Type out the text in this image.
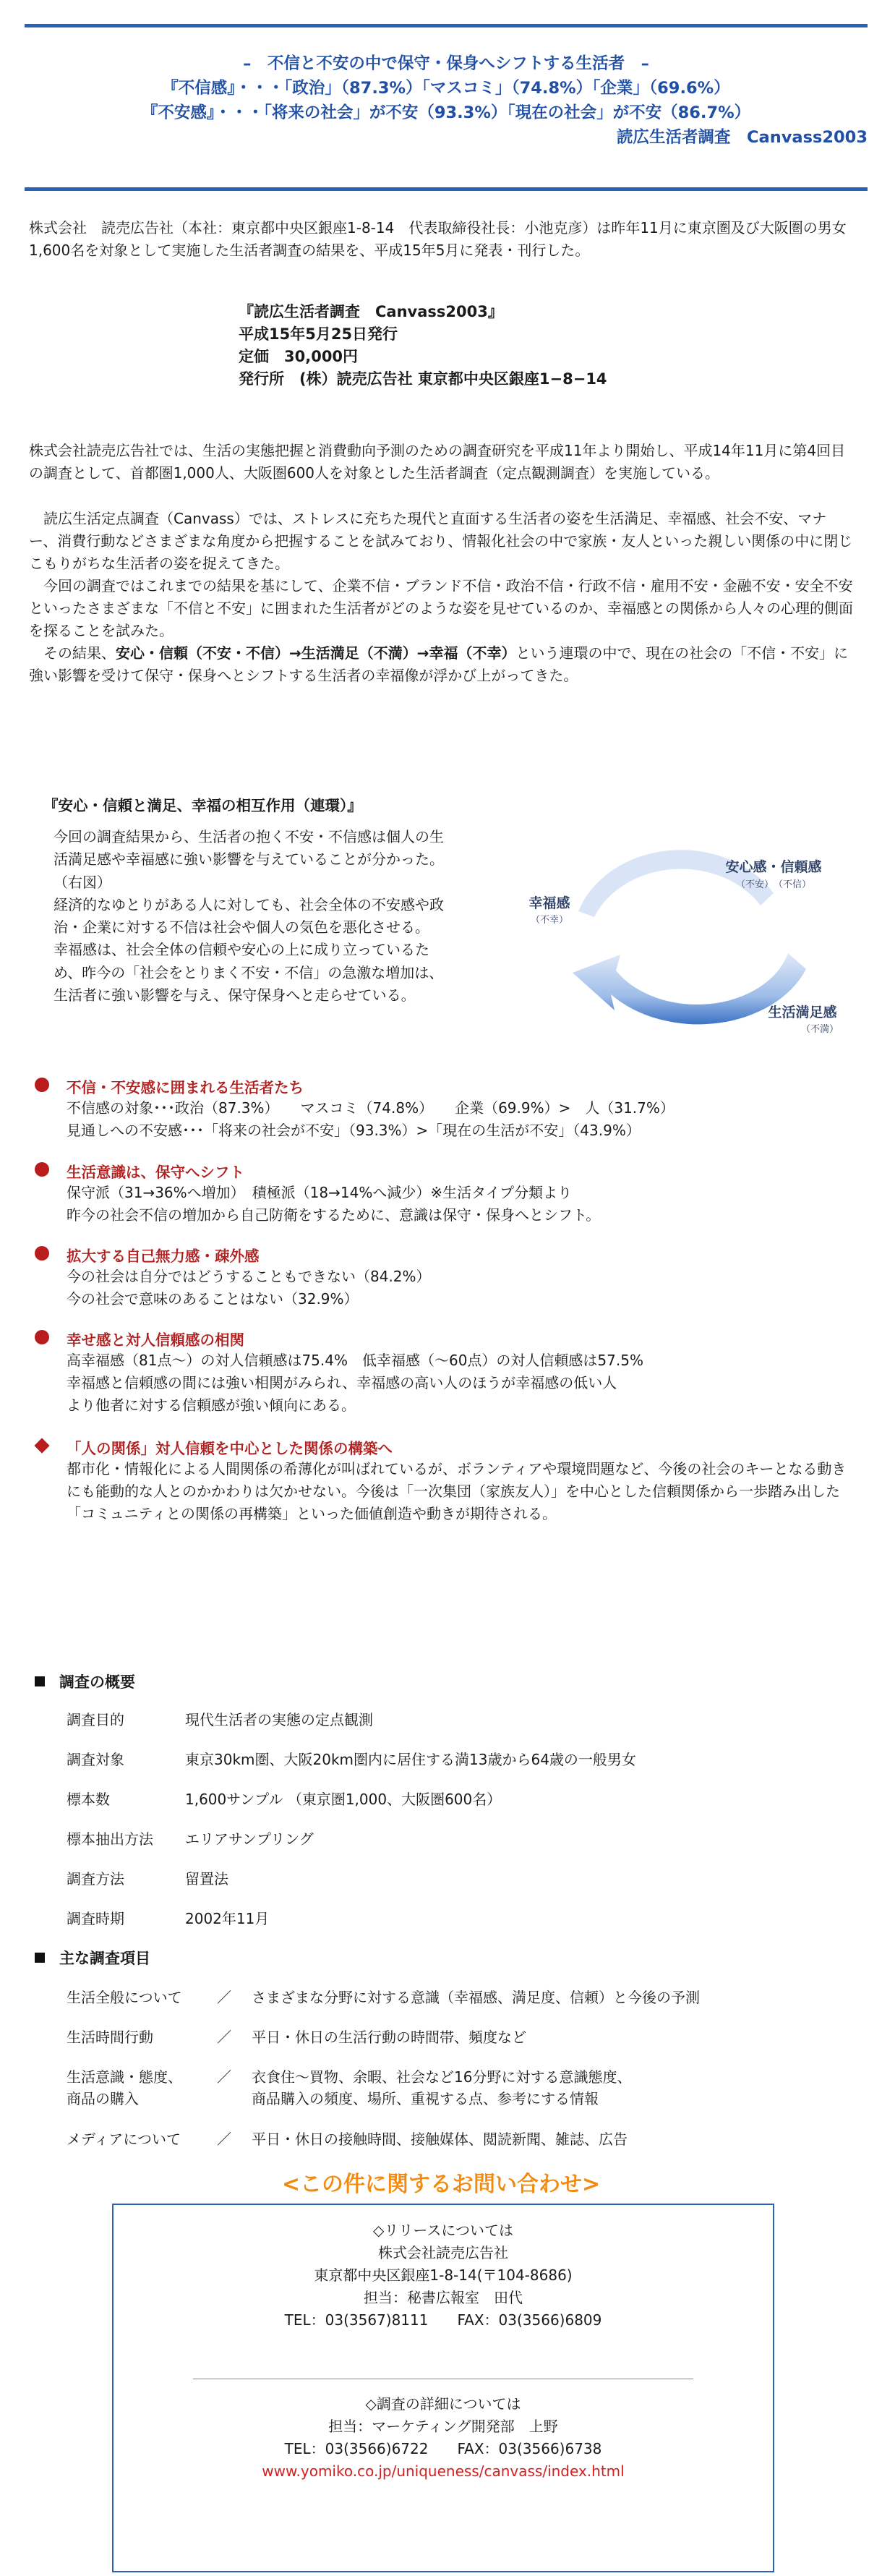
–　不信と不安の中で保守・保身へシフトする生活者　–
『不信感』・・・「政治」（87.3%）「マスコミ」（74.8%）「企業」（69.6%）
『不安感』・・・「将来の社会」が不安（93.3%）「現在の社会」が不安（86.7%）
読広生活者調査　Canvass2003

株式会社　読売広告社（本社：東京都中央区銀座1-8-14　代表取締役社長：小池克彦）は昨年11月に東京圏及び大阪圏の男女1,600名を対象として実施した生活者調査の結果を、平成15年5月に発表・刊行した。

『読広生活者調査　Canvass2003』
平成15年5月25日発行
定価　30,000円
発行所　(株）読売広告社 東京都中央区銀座1−8−14

株式会社読売広告社では、生活の実態把握と消費動向予測のための調査研究を平成11年より開始し、平成14年11月に第4回目の調査として、首都圏1,000人、大阪圏600人を対象とした生活者調査（定点観測調査）を実施している。

読広生活定点調査（Canvass）では、ストレスに充ちた現代と直面する生活者の姿を生活満足、幸福感、社会不安、マナー、消費行動などさまざまな角度から把握することを試みており、情報化社会の中で家族・友人といった親しい関係の中に閉じこもりがちな生活者の姿を捉えてきた。

今回の調査ではこれまでの結果を基にして、企業不信・ブランド不信・政治不信・行政不信・雇用不安・金融不安・安全不安といったさまざまな「不信と不安」に囲まれた生活者がどのような姿を見せているのか、幸福感との関係から人々の心理的側面を探ることを試みた。

その結果、安心・信頼（不安・不信）→生活満足（不満）→幸福（不幸）という連環の中で、現在の社会の「不信・不安」に強い影響を受けて保守・保身へとシフトする生活者の幸福像が浮かび上がってきた。

『安心・信頼と満足、幸福の相互作用（連環）』
今回の調査結果から、生活者の抱く不安・不信感は個人の生
活満足感や幸福感に強い影響を与えていることが分かった。
（右図）
経済的なゆとりがある人に対しても、社会全体の不安感や政
治・企業に対する不信は社会や個人の気色を悪化させる。
幸福感は、社会全体の信頼や安心の上に成り立っているた
め、昨今の「社会をとりまく不安・不信」の急激な増加は、
生活者に強い影響を与え、保守保身へと走らせている。
安心感・信頼感
（不安）　（不信）
幸福感
（不幸）
生活満足感
（不満）
不信・不安感に囲まれる生活者たち
不信感の対象･･･政治（87.3%）　　マスコミ（74.8%）　　企業（69.9%）>　人（31.7%）
見通しへの不安感･･･「将来の社会が不安」（93.3%）>「現在の生活が不安」（43.9%）
生活意識は、保守へシフト
保守派（31→36%へ増加）　積極派（18→14%へ減少）※生活タイプ分類より
昨今の社会不信の増加から自己防衛をするために、意識は保守・保身へとシフト。
拡大する自己無力感・疎外感
今の社会は自分ではどうすることもできない（84.2%）
今の社会で意味のあることはない（32.9%）
幸せ感と対人信頼感の相関
高幸福感（81点〜）の対人信頼感は75.4%　低幸福感（〜60点）の対人信頼感は57.5%
幸福感と信頼感の間には強い相関がみられ、幸福感の高い人のほうが幸福感の低い人
より他者に対する信頼感が強い傾向にある。
「人の関係」対人信頼を中心とした関係の構築へ
都市化・情報化による人間関係の希薄化が叫ばれているが、ボランティアや環境問題など、今後の社会のキーとなる動きにも能動的な人とのかかわりは欠かせない。今後は「一次集団（家族友人）」を中心とした信頼関係から一歩踏み出した「コミュニティとの関係の再構築」といった価値創造や動きが期待される。
調査の概要
調査目的	現代生活者の実態の定点観測
調査対象	東京30km圏、大阪20km圏内に居住する満13歳から64歳の一般男女
標本数	1,600サンプル （東京圏1,000、大阪圏600名）
標本抽出方法 エリアサンプリング
調査方法	留置法
調査時期	2002年11月
主な調査項目
生活全般について ／ さまざまな分野に対する意識（幸福感、満足度、信頼）と今後の予測
生活時間行動	／ 平日・休日の生活行動の時間帯、頻度など
生活意識・態度、
商品の購入
／ 衣食住〜買物、余暇、社会など16分野に対する意識態度、
商品購入の頻度、場所、重視する点、参考にする情報
メディアについて	／ 平日・休日の接触時間、接触媒体、閲読新聞、雑誌、広告
<この件に関するお問い合わせ>
◇リリースについては
株式会社読売広告社
東京都中央区銀座1-8-14(〒104-8686)
担当：秘書広報室　田代
TEL：03(3567)8111　　FAX：03(3566)6809
◇調査の詳細については
担当：マーケティング開発部　上野
TEL：03(3566)6722　　FAX：03(3566)6738
www.yomiko.co.jp/uniqueness/canvass/index.html
